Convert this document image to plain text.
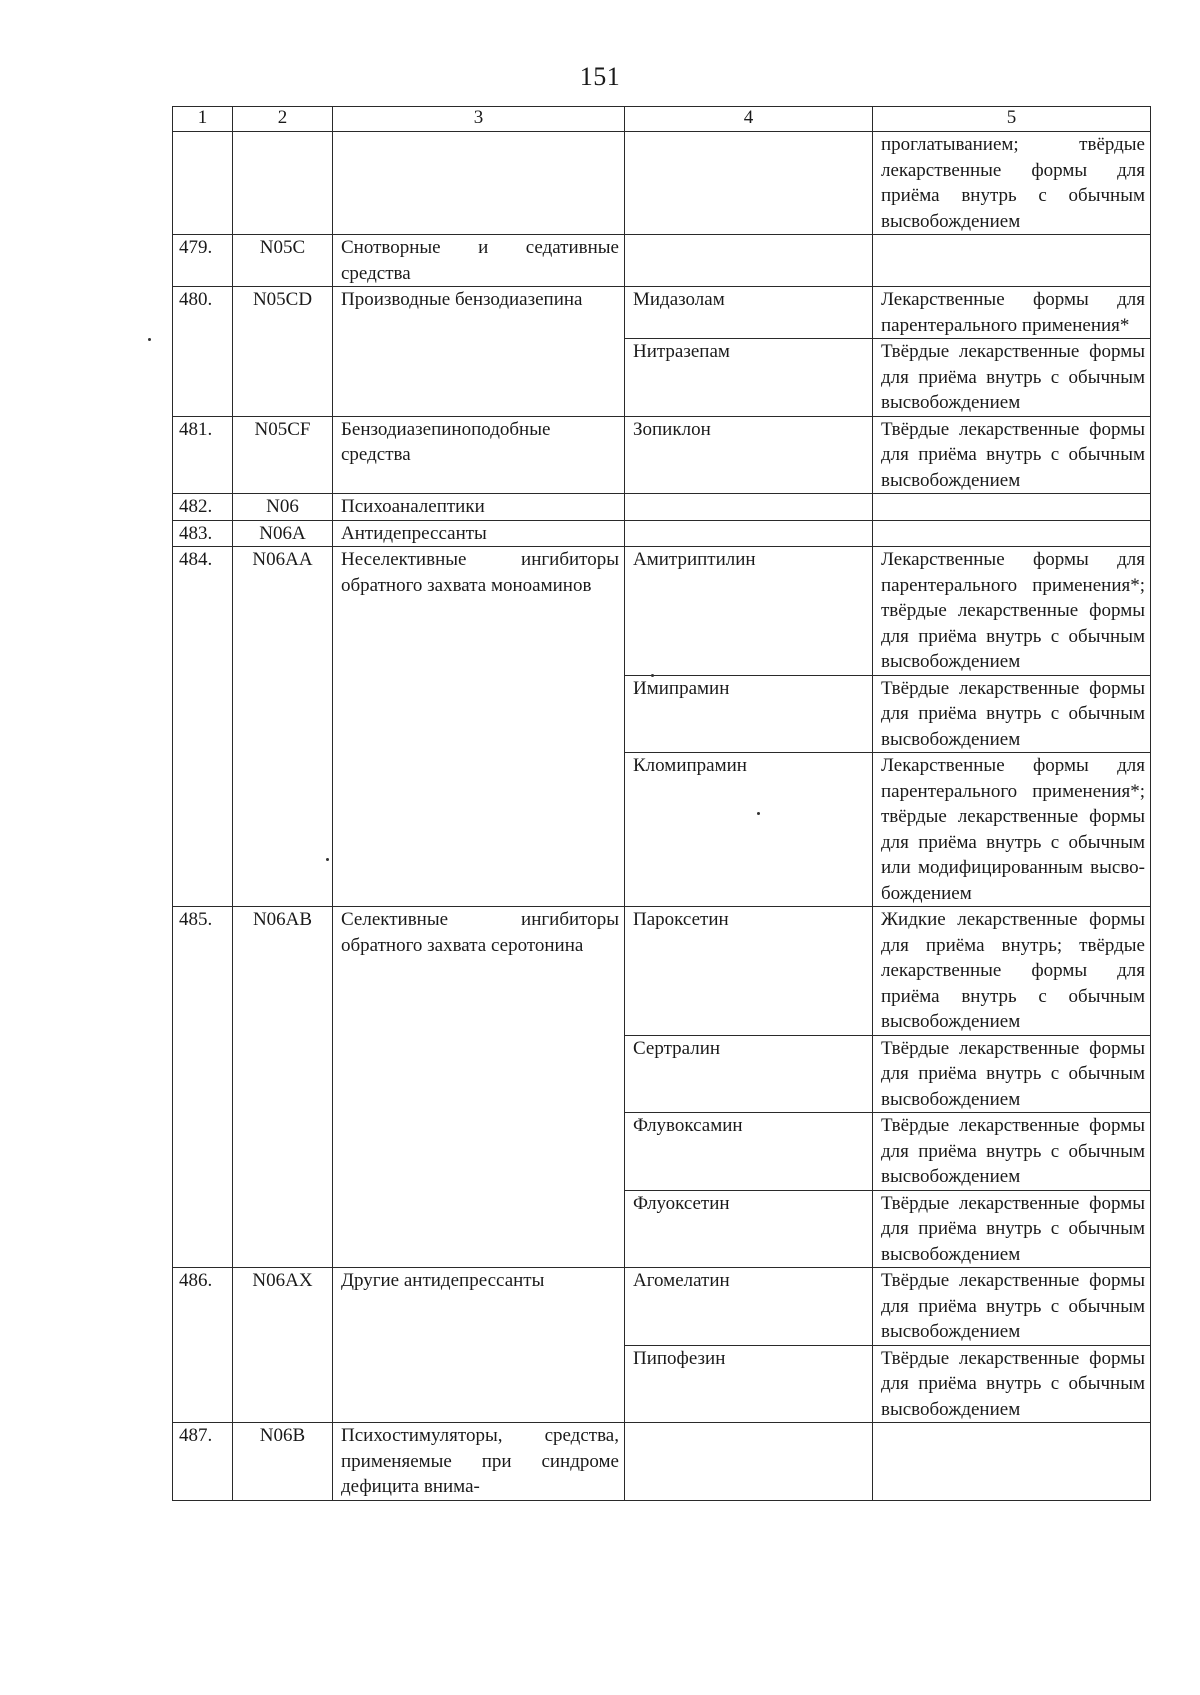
151
1	2	3	4	5
				проглатыванием; твёрдые лекарственные формы для приёма внутрь с обычным высвобождением
479.	N05C	Снотворные и седативные средства		
480.	N05CD	Производные бензодиазепина	Мидазолам	Лекарственные формы для парентерального применения*
			Нитразепам	Твёрдые лекарственные формы для приёма внутрь с обычным высвобождением
481.	N05CF	Бензодиазепиноподобные средства	Зопиклон	Твёрдые лекарственные формы для приёма внутрь с обычным высвобождением
482.	N06	Психоаналептики		
483.	N06A	Антидепрессанты		
484.	N06AA	Неселективные ингибиторы обратного захвата моноаминов	Амитриптилин	Лекарственные формы для парентерального применения*; твёрдые лекарственные формы для приёма внутрь с обычным высвобождением
			Имипрамин	Твёрдые лекарственные формы для приёма внутрь с обычным высвобождением
			Кломипрамин	Лекарственные формы для парентерального применения*; твёрдые лекарственные формы для приёма внутрь с обычным или модифицированным высвобождением
485.	N06AB	Селективные ингибиторы обратного захвата серотонина	Пароксетин	Жидкие лекарственные формы для приёма внутрь; твёрдые лекарственные формы для приёма внутрь с обычным высвобождением
			Сертралин	Твёрдые лекарственные формы для приёма внутрь с обычным высвобождением
			Флувоксамин	Твёрдые лекарственные формы для приёма внутрь с обычным высвобождением
			Флуоксетин	Твёрдые лекарственные формы для приёма внутрь с обычным высвобождением
486.	N06AX	Другие антидепрессанты	Агомелатин	Твёрдые лекарственные формы для приёма внутрь с обычным высвобождением
			Пипофезин	Твёрдые лекарственные формы для приёма внутрь с обычным высвобождением
487.	N06B	Психостимуляторы, средства, применяемые при синдроме дефицита внима-		
